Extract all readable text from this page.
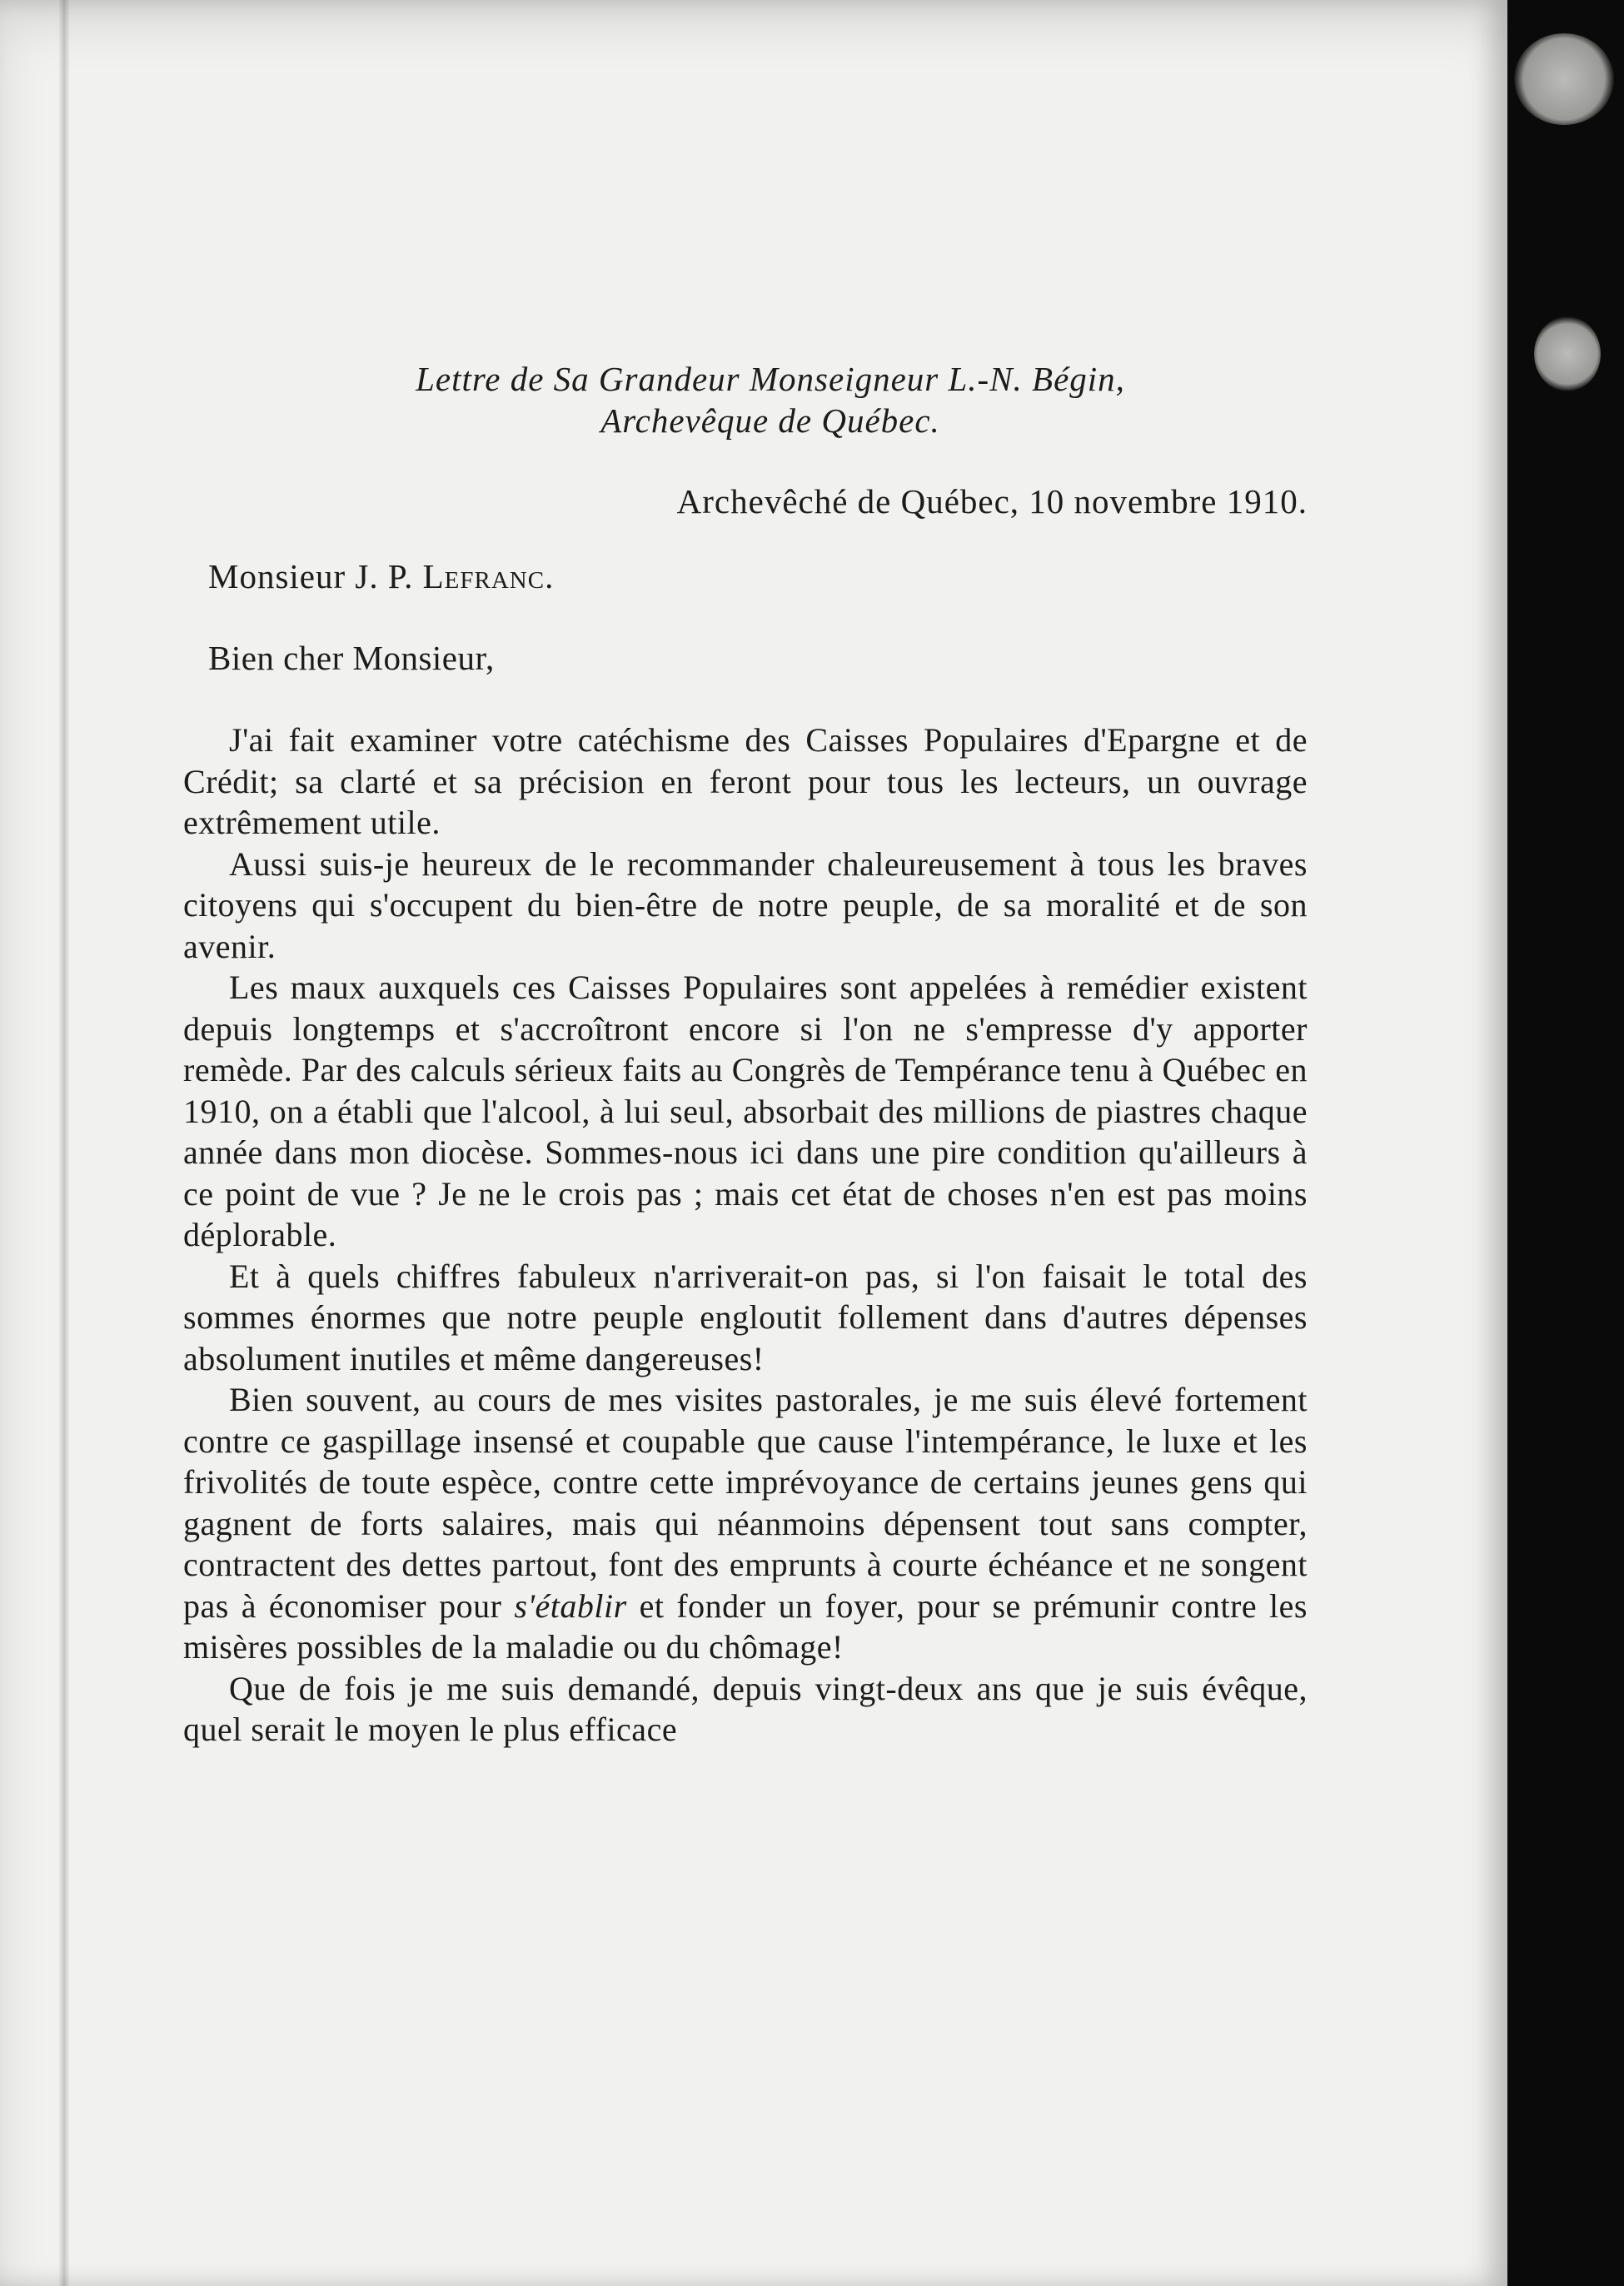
Lettre de Sa Grandeur Monseigneur L.-N. Bégin,
Archevêque de Québec.
Archevêché de Québec, 10 novembre 1910.
Monsieur J. P. Lefranc.
Bien cher Monsieur,

J'ai fait examiner votre catéchisme des Caisses Populaires d'Epargne et de Crédit; sa clarté et sa précision en feront pour tous les lecteurs, un ouvrage extrêmement utile.

Aussi suis-je heureux de le recommander chaleureusement à tous les braves citoyens qui s'occupent du bien-être de notre peuple, de sa moralité et de son avenir.

Les maux auxquels ces Caisses Populaires sont appelées à remédier existent depuis longtemps et s'accroîtront encore si l'on ne s'empresse d'y apporter remède. Par des calculs sérieux faits au Congrès de Tempérance tenu à Québec en 1910, on a établi que l'alcool, à lui seul, absorbait des millions de piastres chaque année dans mon diocèse. Sommes-nous ici dans une pire condition qu'ailleurs à ce point de vue ? Je ne le crois pas ; mais cet état de choses n'en est pas moins déplorable.

Et à quels chiffres fabuleux n'arriverait-on pas, si l'on faisait le total des sommes énormes que notre peuple engloutit follement dans d'autres dépenses absolument inutiles et même dangereuses!

Bien souvent, au cours de mes visites pastorales, je me suis élevé fortement contre ce gaspillage insensé et coupable que cause l'intempérance, le luxe et les frivolités de toute espèce, contre cette imprévoyance de certains jeunes gens qui gagnent de forts salaires, mais qui néanmoins dépensent tout sans compter, contractent des dettes partout, font des emprunts à courte échéance et ne songent pas à économiser pour s'établir et fonder un foyer, pour se prémunir contre les misères possibles de la maladie ou du chômage!

Que de fois je me suis demandé, depuis vingt-deux ans que je suis évêque, quel serait le moyen le plus efficace
